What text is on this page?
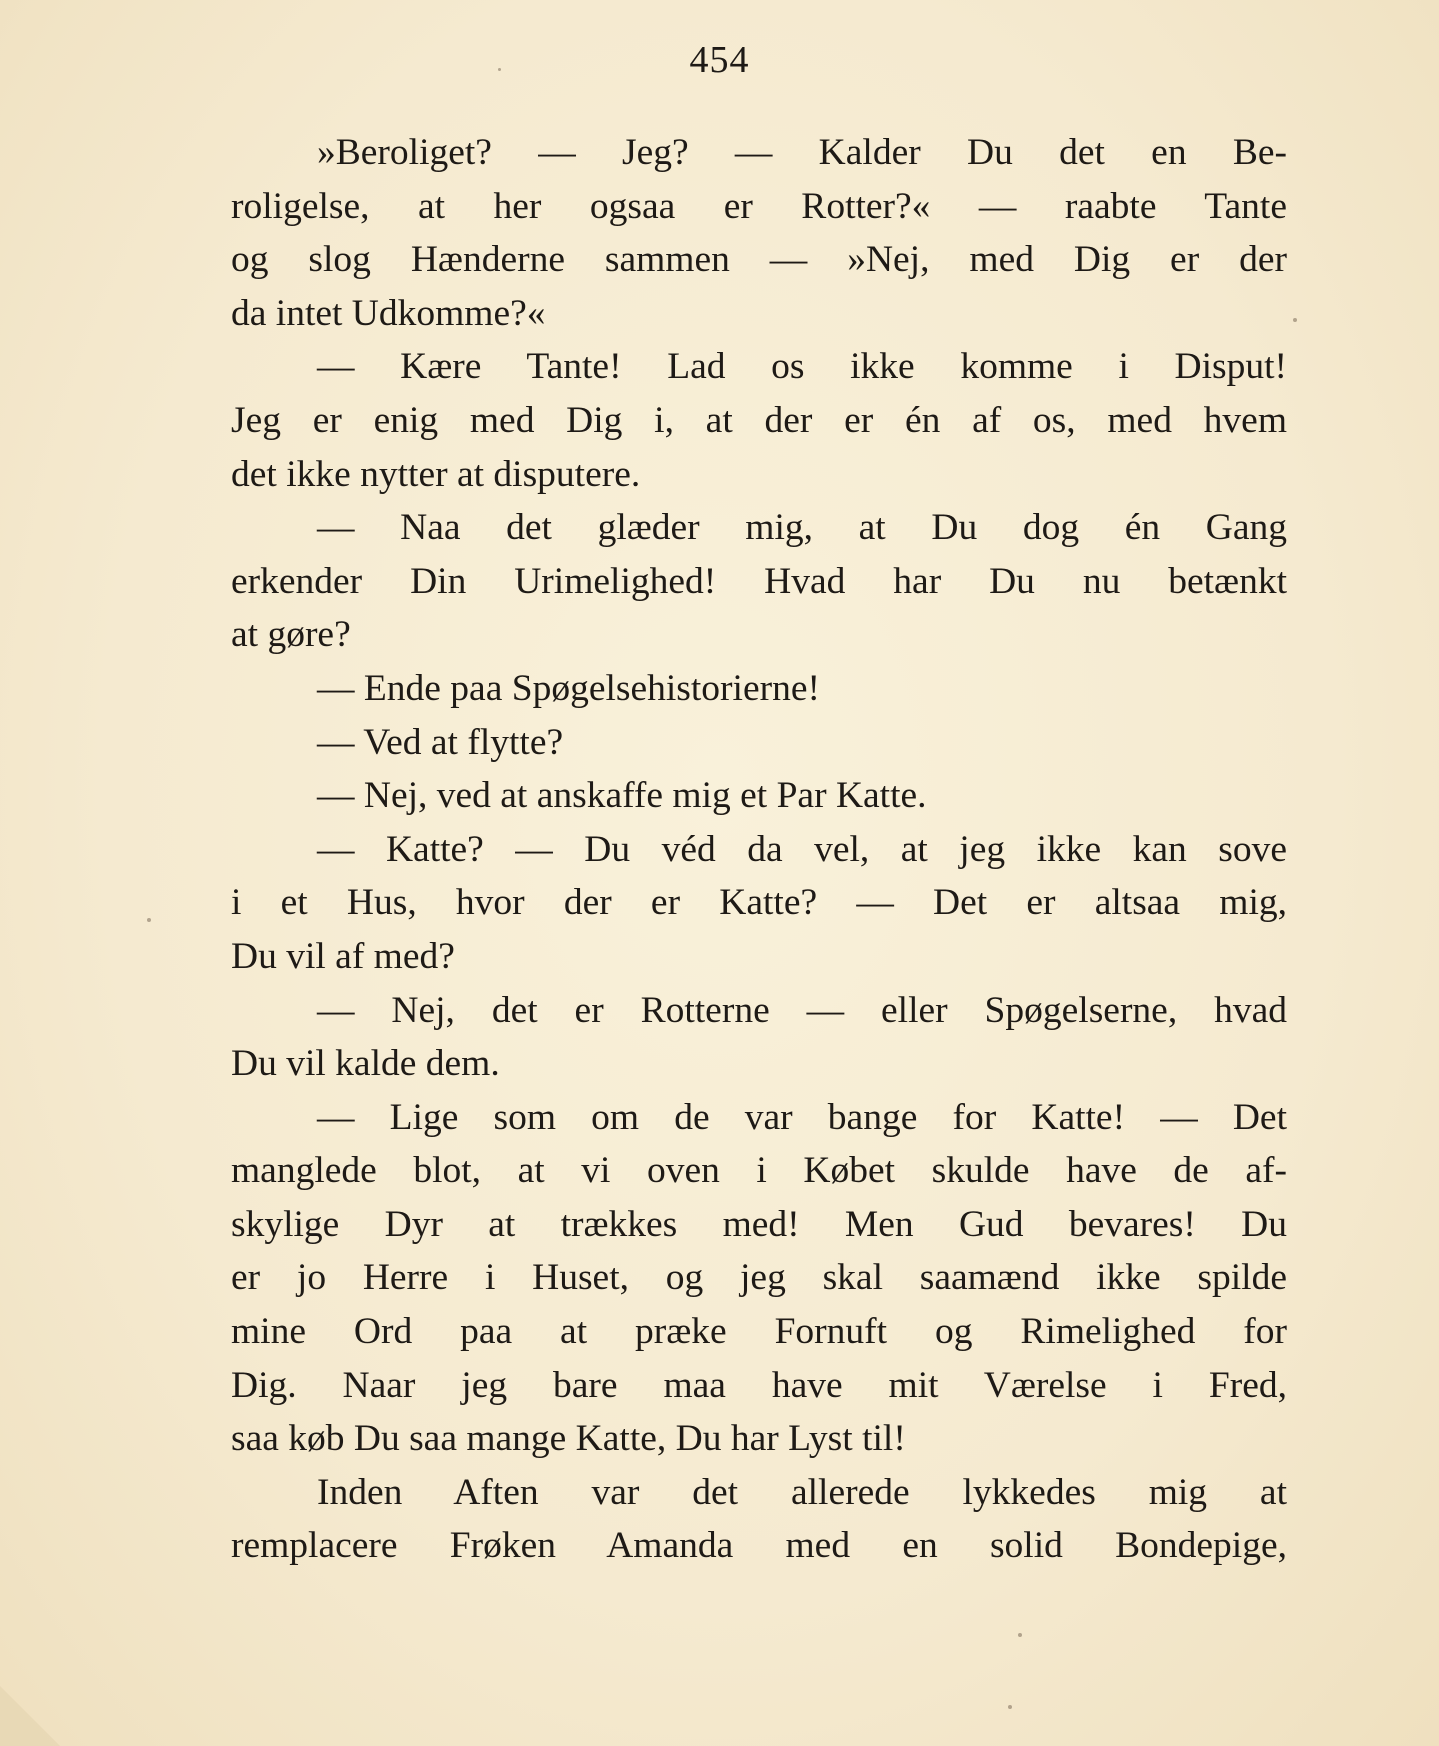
454
»Beroliget? — Jeg? — Kalder Du det en Be-
roligelse, at her ogsaa er Rotter?« — raabte Tante
og slog Hænderne sammen — »Nej, med Dig er der
da intet Udkomme?«
— Kære Tante! Lad os ikke komme i Disput!
Jeg er enig med Dig i, at der er én af os, med hvem
det ikke nytter at disputere.
— Naa det glæder mig, at Du dog én Gang
erkender Din Urimelighed! Hvad har Du nu betænkt
at gøre?
— Ende paa Spøgelsehistorierne!
— Ved at flytte?
— Nej, ved at anskaffe mig et Par Katte.
— Katte? — Du véd da vel, at jeg ikke kan sove
i et Hus, hvor der er Katte? — Det er altsaa mig,
Du vil af med?
— Nej, det er Rotterne — eller Spøgelserne, hvad
Du vil kalde dem.
— Lige som om de var bange for Katte! — Det
manglede blot, at vi oven i Købet skulde have de af-
skylige Dyr at trækkes med! Men Gud bevares! Du
er jo Herre i Huset, og jeg skal saamænd ikke spilde
mine Ord paa at præke Fornuft og Rimelighed for
Dig. Naar jeg bare maa have mit Værelse i Fred,
saa køb Du saa mange Katte, Du har Lyst til!
Inden Aften var det allerede lykkedes mig at
remplacere Frøken Amanda med en solid Bondepige,
